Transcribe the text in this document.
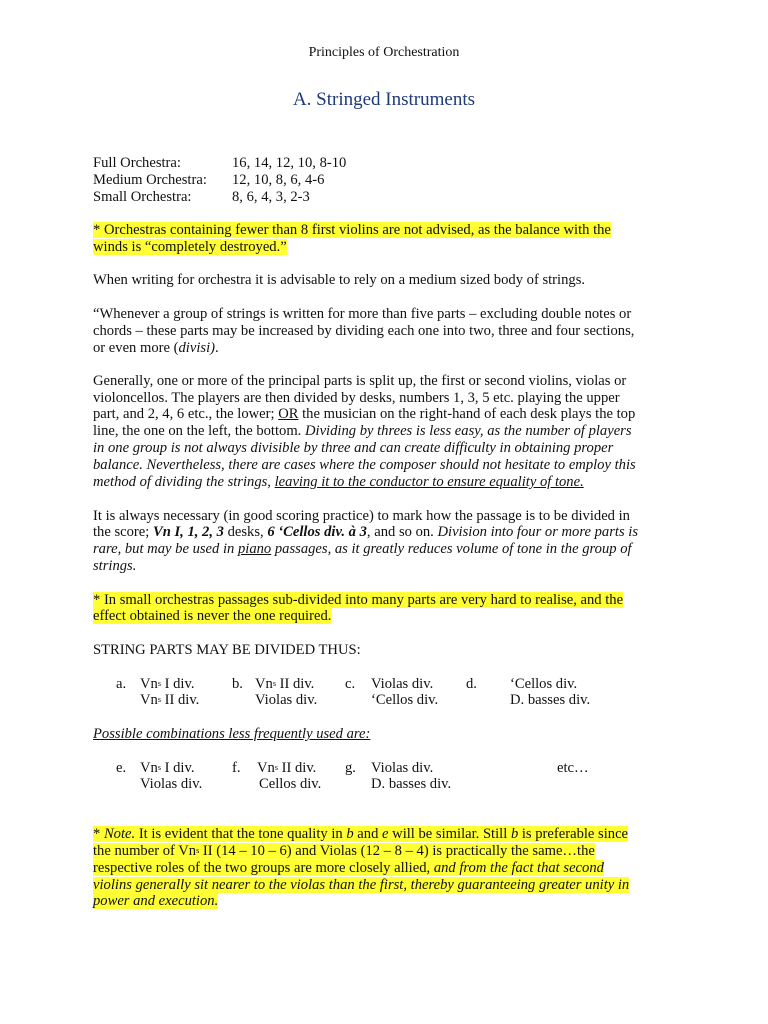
Principles of Orchestration
A. Stringed Instruments
Full Orchestra:	16, 14, 12, 10, 8-10
Medium Orchestra: 12, 10, 8, 6, 4-6
Small Orchestra:	8, 6, 4, 3, 2-3
* Orchestras containing fewer than 8 first violins are not advised, as the balance with the
winds is “completely destroyed.”
When writing for orchestra it is advisable to rely on a medium sized body of strings.
“Whenever a group of strings is written for more than five parts – excluding double notes or
chords – these parts may be increased by dividing each one into two, three and four sections,
or even more (divisi).
Generally, one or more of the principal parts is split up, the first or second violins, violas or
violoncellos. The players are then divided by desks, numbers 1, 3, 5 etc. playing the upper
part, and 2, 4, 6 etc., the lower; OR the musician on the right-hand of each desk plays the top
line, the one on the left, the bottom. Dividing by threes is less easy, as the number of players
in one group is not always divisible by three and can create difficulty in obtaining proper
balance. Nevertheless, there are cases where the composer should not hesitate to employ this
method of dividing the strings, leaving it to the conductor to ensure equality of tone.
It is always necessary (in good scoring practice) to mark how the passage is to be divided in
the score; Vn I, 1, 2, 3 desks, 6 ‘Cellos div. à 3, and so on. Division into four or more parts is
rare, but may be used in piano passages, as it greatly reduces volume of tone in the group of
strings.
* In small orchestras passages sub-divided into many parts are very hard to realise, and the
effect obtained is never the one required.
STRING PARTS MAY BE DIVIDED THUS:
a. Vn$^s$ I div.
Vn$^s$ II div.
b. Vn$^s$ II div.
Violas div.
c. Violas div.
‘Cellos div.
d. ‘Cellos div.
D. basses div.
Possible combinations less frequently used are:
e. Vn$^s$ I div.
Violas div.
f. Vn$^s$ II div.
Cellos div.
g. Violas div.
D. basses div.
etc…
* Note. It is evident that the tone quality in b and e will be similar. Still b is preferable since
the number of Vn$^s$ II (14 – 10 – 6) and Violas (12 – 8 – 4) is practically the same…the
respective roles of the two groups are more closely allied, and from the fact that second
violins generally sit nearer to the violas than the first, thereby guaranteeing greater unity in
power and execution.
